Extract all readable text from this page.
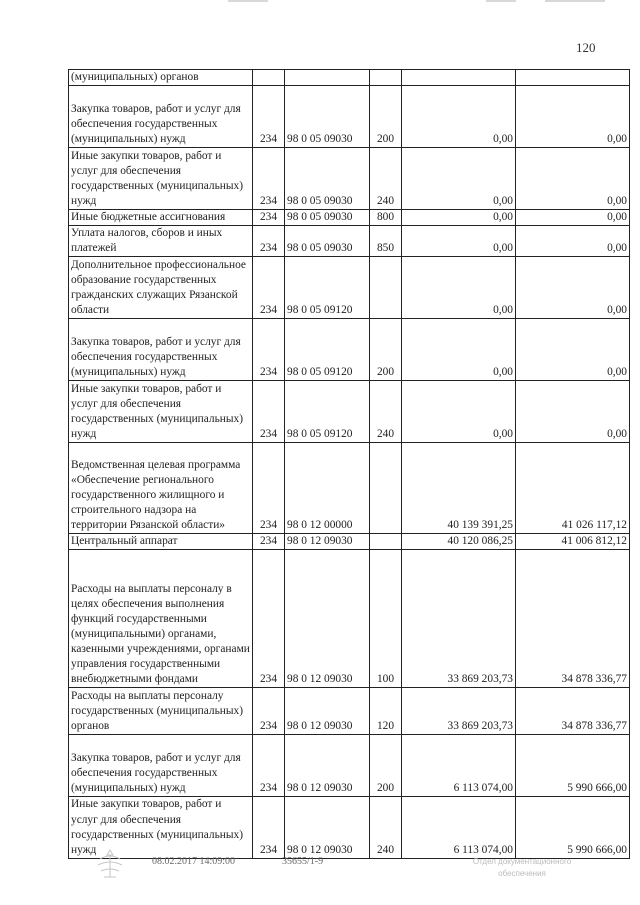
120
(муниципальных) органов					
Закупка товаров, работ и услуг для обеспечения государственных (муниципальных) нужд	234	98 0 05 09030	200	0,00	0,00
Иные закупки товаров, работ и услуг для обеспечения государственных (муниципальных) нужд	234	98 0 05 09030	240	0,00	0,00
Иные бюджетные ассигнования	234	98 0 05 09030	800	0,00	0,00
Уплата налогов, сборов и иных платежей	234	98 0 05 09030	850	0,00	0,00
Дополнительное профессиональное образование государственных гражданских служащих Рязанской области	234	98 0 05 09120		0,00	0,00
Закупка товаров, работ и услуг для обеспечения государственных (муниципальных) нужд	234	98 0 05 09120	200	0,00	0,00
Иные закупки товаров, работ и услуг для обеспечения государственных (муниципальных) нужд	234	98 0 05 09120	240	0,00	0,00
Ведомственная целевая программа «Обеспечение регионального государственного жилищного и строительного надзора на территории Рязанской области»	234	98 0 12 00000		40 139 391,25	41 026 117,12
Центральный аппарат	234	98 0 12 09030		40 120 086,25	41 006 812,12
Расходы на выплаты персоналу в целях обеспечения выполнения функций государственными (муниципальными) органами, казенными учреждениями, органами управления государственными внебюджетными фондами	234	98 0 12 09030	100	33 869 203,73	34 878 336,77
Расходы на выплаты персоналу государственных (муниципальных) органов	234	98 0 12 09030	120	33 869 203,73	34 878 336,77
Закупка товаров, работ и услуг для обеспечения государственных (муниципальных) нужд	234	98 0 12 09030	200	6 113 074,00	5 990 666,00
Иные закупки товаров, работ и услуг для обеспечения государственных (муниципальных) нужд	234	98 0 12 09030	240	6 113 074,00	5 990 666,00
08.02.2017 14:09:00	35655/1-9	Отдел документационного обеспечения
